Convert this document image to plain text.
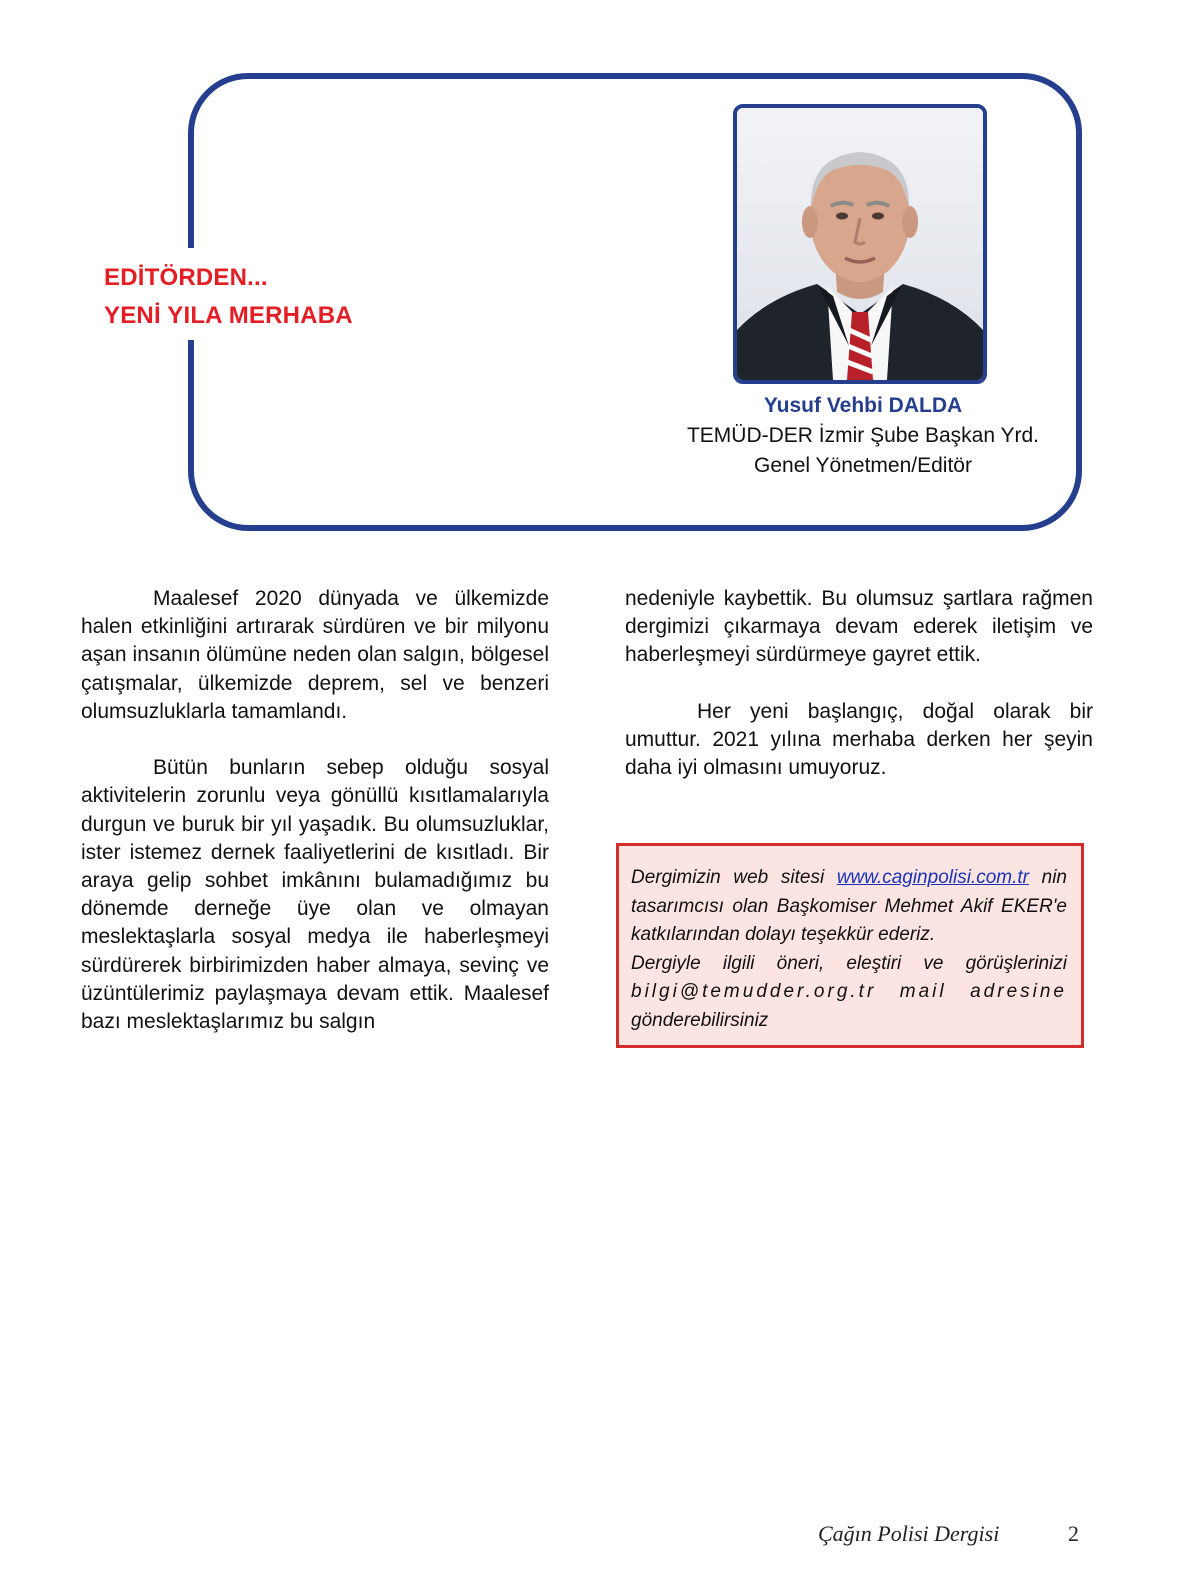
EDİTÖRDEN...
YENİ YILA MERHABA
Yusuf Vehbi DALDA
TEMÜD-DER İzmir Şube Başkan Yrd.
Genel Yönetmen/Editör

Maalesef 2020 dünyada ve ülkemizde halen etkinliğini artırarak sürdüren ve bir milyonu aşan insanın ölümüne neden olan salgın, bölgesel çatışmalar, ülkemizde deprem, sel ve benzeri olumsuzluklarla tamamlandı.

Bütün bunların sebep olduğu sosyal aktivitelerin zorunlu veya gönüllü kısıtlamalarıyla durgun ve buruk bir yıl yaşadık. Bu olumsuzluklar, ister istemez dernek faaliyetlerini de kısıtladı. Bir araya gelip sohbet imkânını bulamadığımız bu dönemde derneğe üye olan ve olmayan meslektaşlarla sosyal medya ile haberleşmeyi sürdürerek birbirimizden haber almaya, sevinç ve üzüntülerimiz paylaşmaya devam ettik. Maalesef bazı meslektaşlarımız bu salgın

nedeniyle kaybettik. Bu olumsuz şartlara rağmen dergimizi çıkarmaya devam ederek iletişim ve haberleşmeyi sürdürmeye gayret ettik.

Her yeni başlangıç, doğal olarak bir umuttur. 2021 yılına merhaba derken her şeyin daha iyi olmasını umuyoruz.

Dergimizin web sitesi www.caginpolisi.com.tr nin tasarımcısı olan Başkomiser Mehmet Akif EKER'e katkılarından dolayı teşekkür ederiz.
Dergiyle ilgili öneri, eleştiri ve görüşlerinizi bilgi@temudder.org.tr mail adresine gönderebilirsiniz
Çağın Polisi Dergisi	2
